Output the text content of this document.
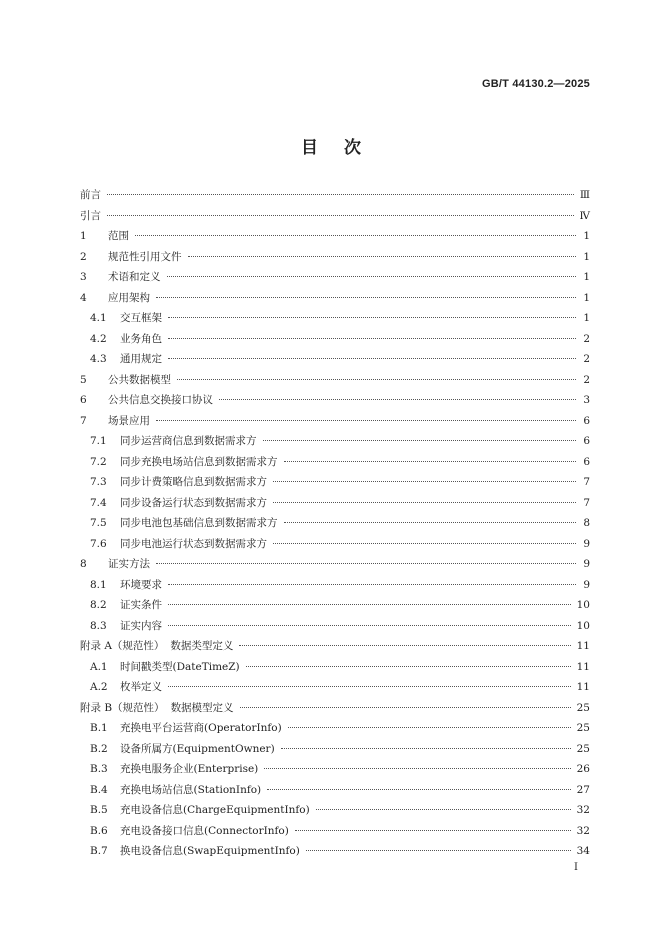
GB/T 44130.2—2025
目次
前言	Ⅲ
引言	Ⅳ
1	范围	1
2	规范性引用文件	1
3	术语和定义	1
4	应用架构	1
4.1	交互框架	1
4.2	业务角色	2
4.3	通用规定	2
5	公共数据模型	2
6	公共信息交换接口协议	3
7	场景应用	6
7.1	同步运营商信息到数据需求方	6
7.2	同步充换电场站信息到数据需求方	6
7.3	同步计费策略信息到数据需求方	7
7.4	同步设备运行状态到数据需求方	7
7.5	同步电池包基础信息到数据需求方	8
7.6	同步电池运行状态到数据需求方	9
8	证实方法	9
8.1	环境要求	9
8.2	证实条件	10
8.3	证实内容	10
附录 A（规范性） 数据类型定义	11
A.1 时间戳类型(DateTimeZ)	11
A.2 枚举定义	11
附录 B（规范性） 数据模型定义	25
B.1 充换电平台运营商(OperatorInfo)	25
B.2 设备所属方(EquipmentOwner)	25
B.3 充换电服务企业(Enterprise)	26
B.4 充换电场站信息(StationInfo)	27
B.5 充电设备信息(ChargeEquipmentInfo)	32
B.6 充电设备接口信息(ConnectorInfo)	32
B.7 换电设备信息(SwapEquipmentInfo)	34
I
